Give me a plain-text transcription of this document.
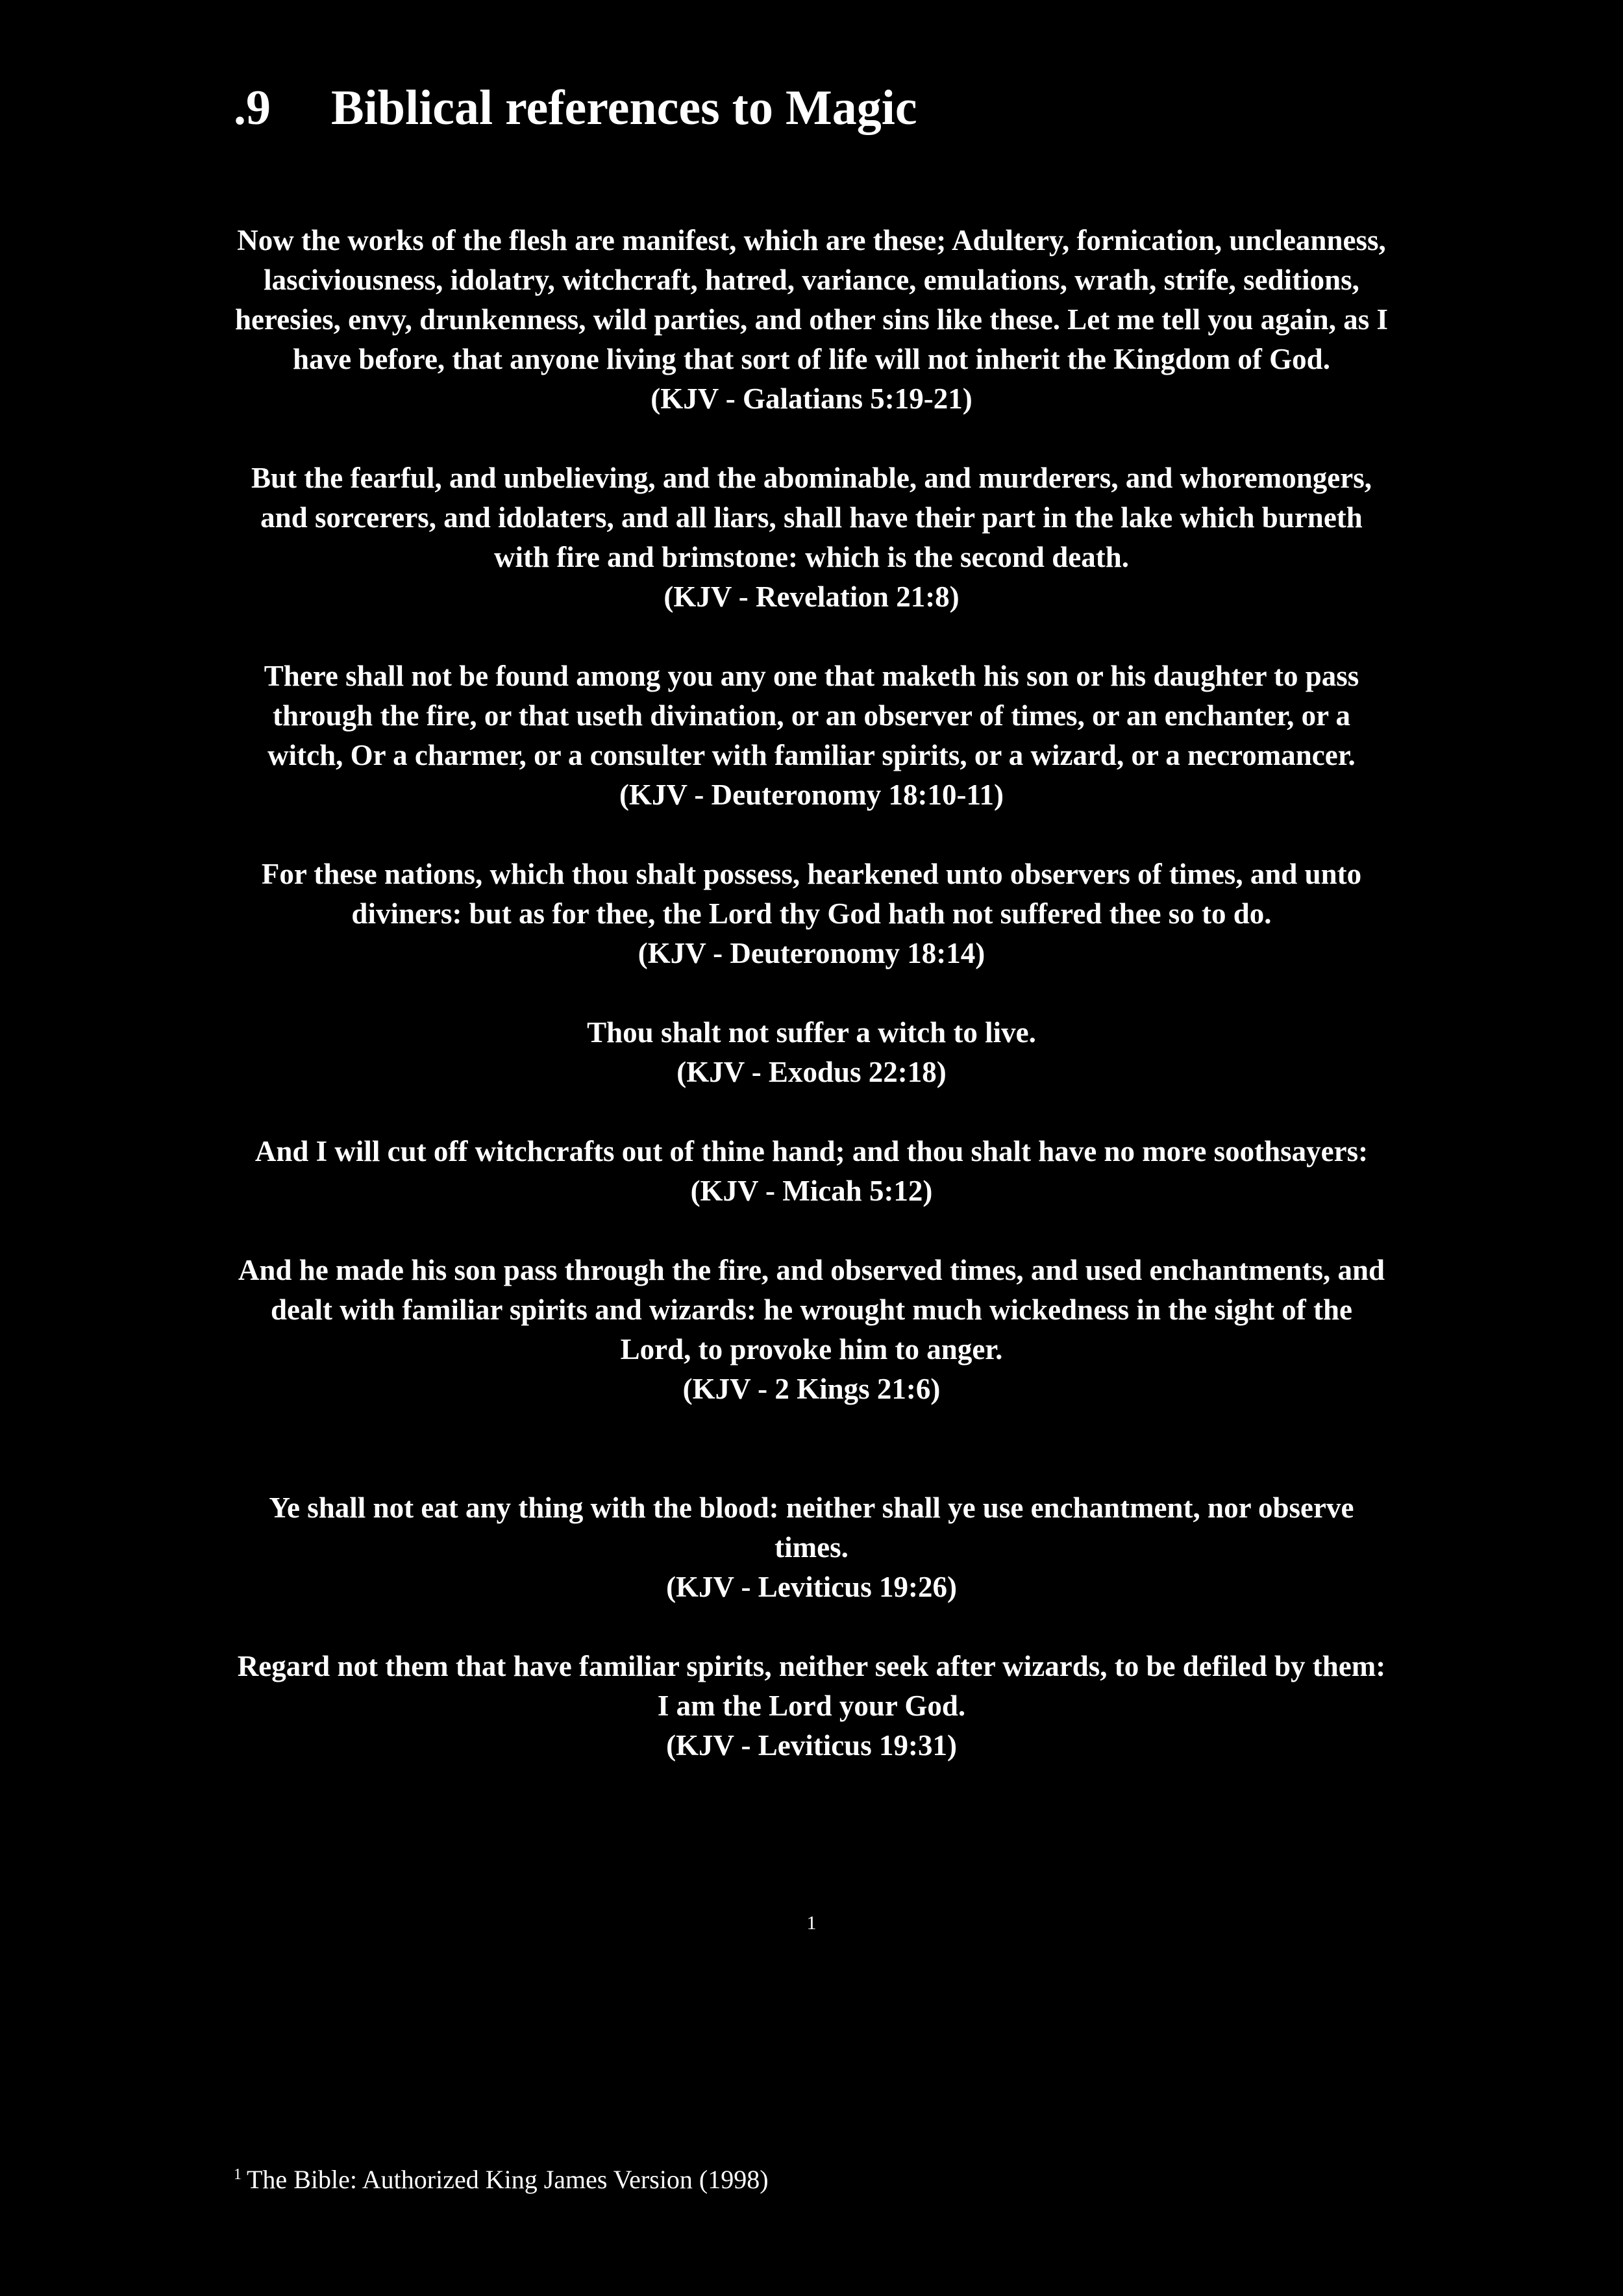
.9 Biblical references to Magic

Now the works of the flesh are manifest, which are these; Adultery, fornication, uncleanness, lasciviousness, idolatry, witchcraft, hatred, variance, emulations, wrath, strife, seditions, heresies, envy, drunkenness, wild parties, and other sins like these. Let me tell you again, as I have before, that anyone living that sort of life will not inherit the Kingdom of God.

(KJV - Galatians 5:19-21)

But the fearful, and unbelieving, and the abominable, and murderers, and whoremongers, and sorcerers, and idolaters, and all liars, shall have their part in the lake which burneth with fire and brimstone: which is the second death.

(KJV - Revelation 21:8)

There shall not be found among you any one that maketh his son or his daughter to pass through the fire, or that useth divination, or an observer of times, or an enchanter, or a witch, Or a charmer, or a consulter with familiar spirits, or a wizard, or a necromancer.

(KJV - Deuteronomy 18:10-11)

For these nations, which thou shalt possess, hearkened unto observers of times, and unto diviners: but as for thee, the Lord thy God hath not suffered thee so to do.

(KJV - Deuteronomy 18:14)

Thou shalt not suffer a witch to live.

(KJV - Exodus 22:18)

And I will cut off witchcrafts out of thine hand; and thou shalt have no more soothsayers:

(KJV - Micah 5:12)

And he made his son pass through the fire, and observed times, and used enchantments, and dealt with familiar spirits and wizards: he wrought much wickedness in the sight of the Lord, to provoke him to anger.

(KJV - 2 Kings 21:6)

Ye shall not eat any thing with the blood: neither shall ye use enchantment, nor observe times.

(KJV - Leviticus 19:26)

Regard not them that have familiar spirits, neither seek after wizards, to be defiled by them: I am the Lord your God.

(KJV - Leviticus 19:31)

1
$^1$ The Bible: Authorized King James Version (1998)
